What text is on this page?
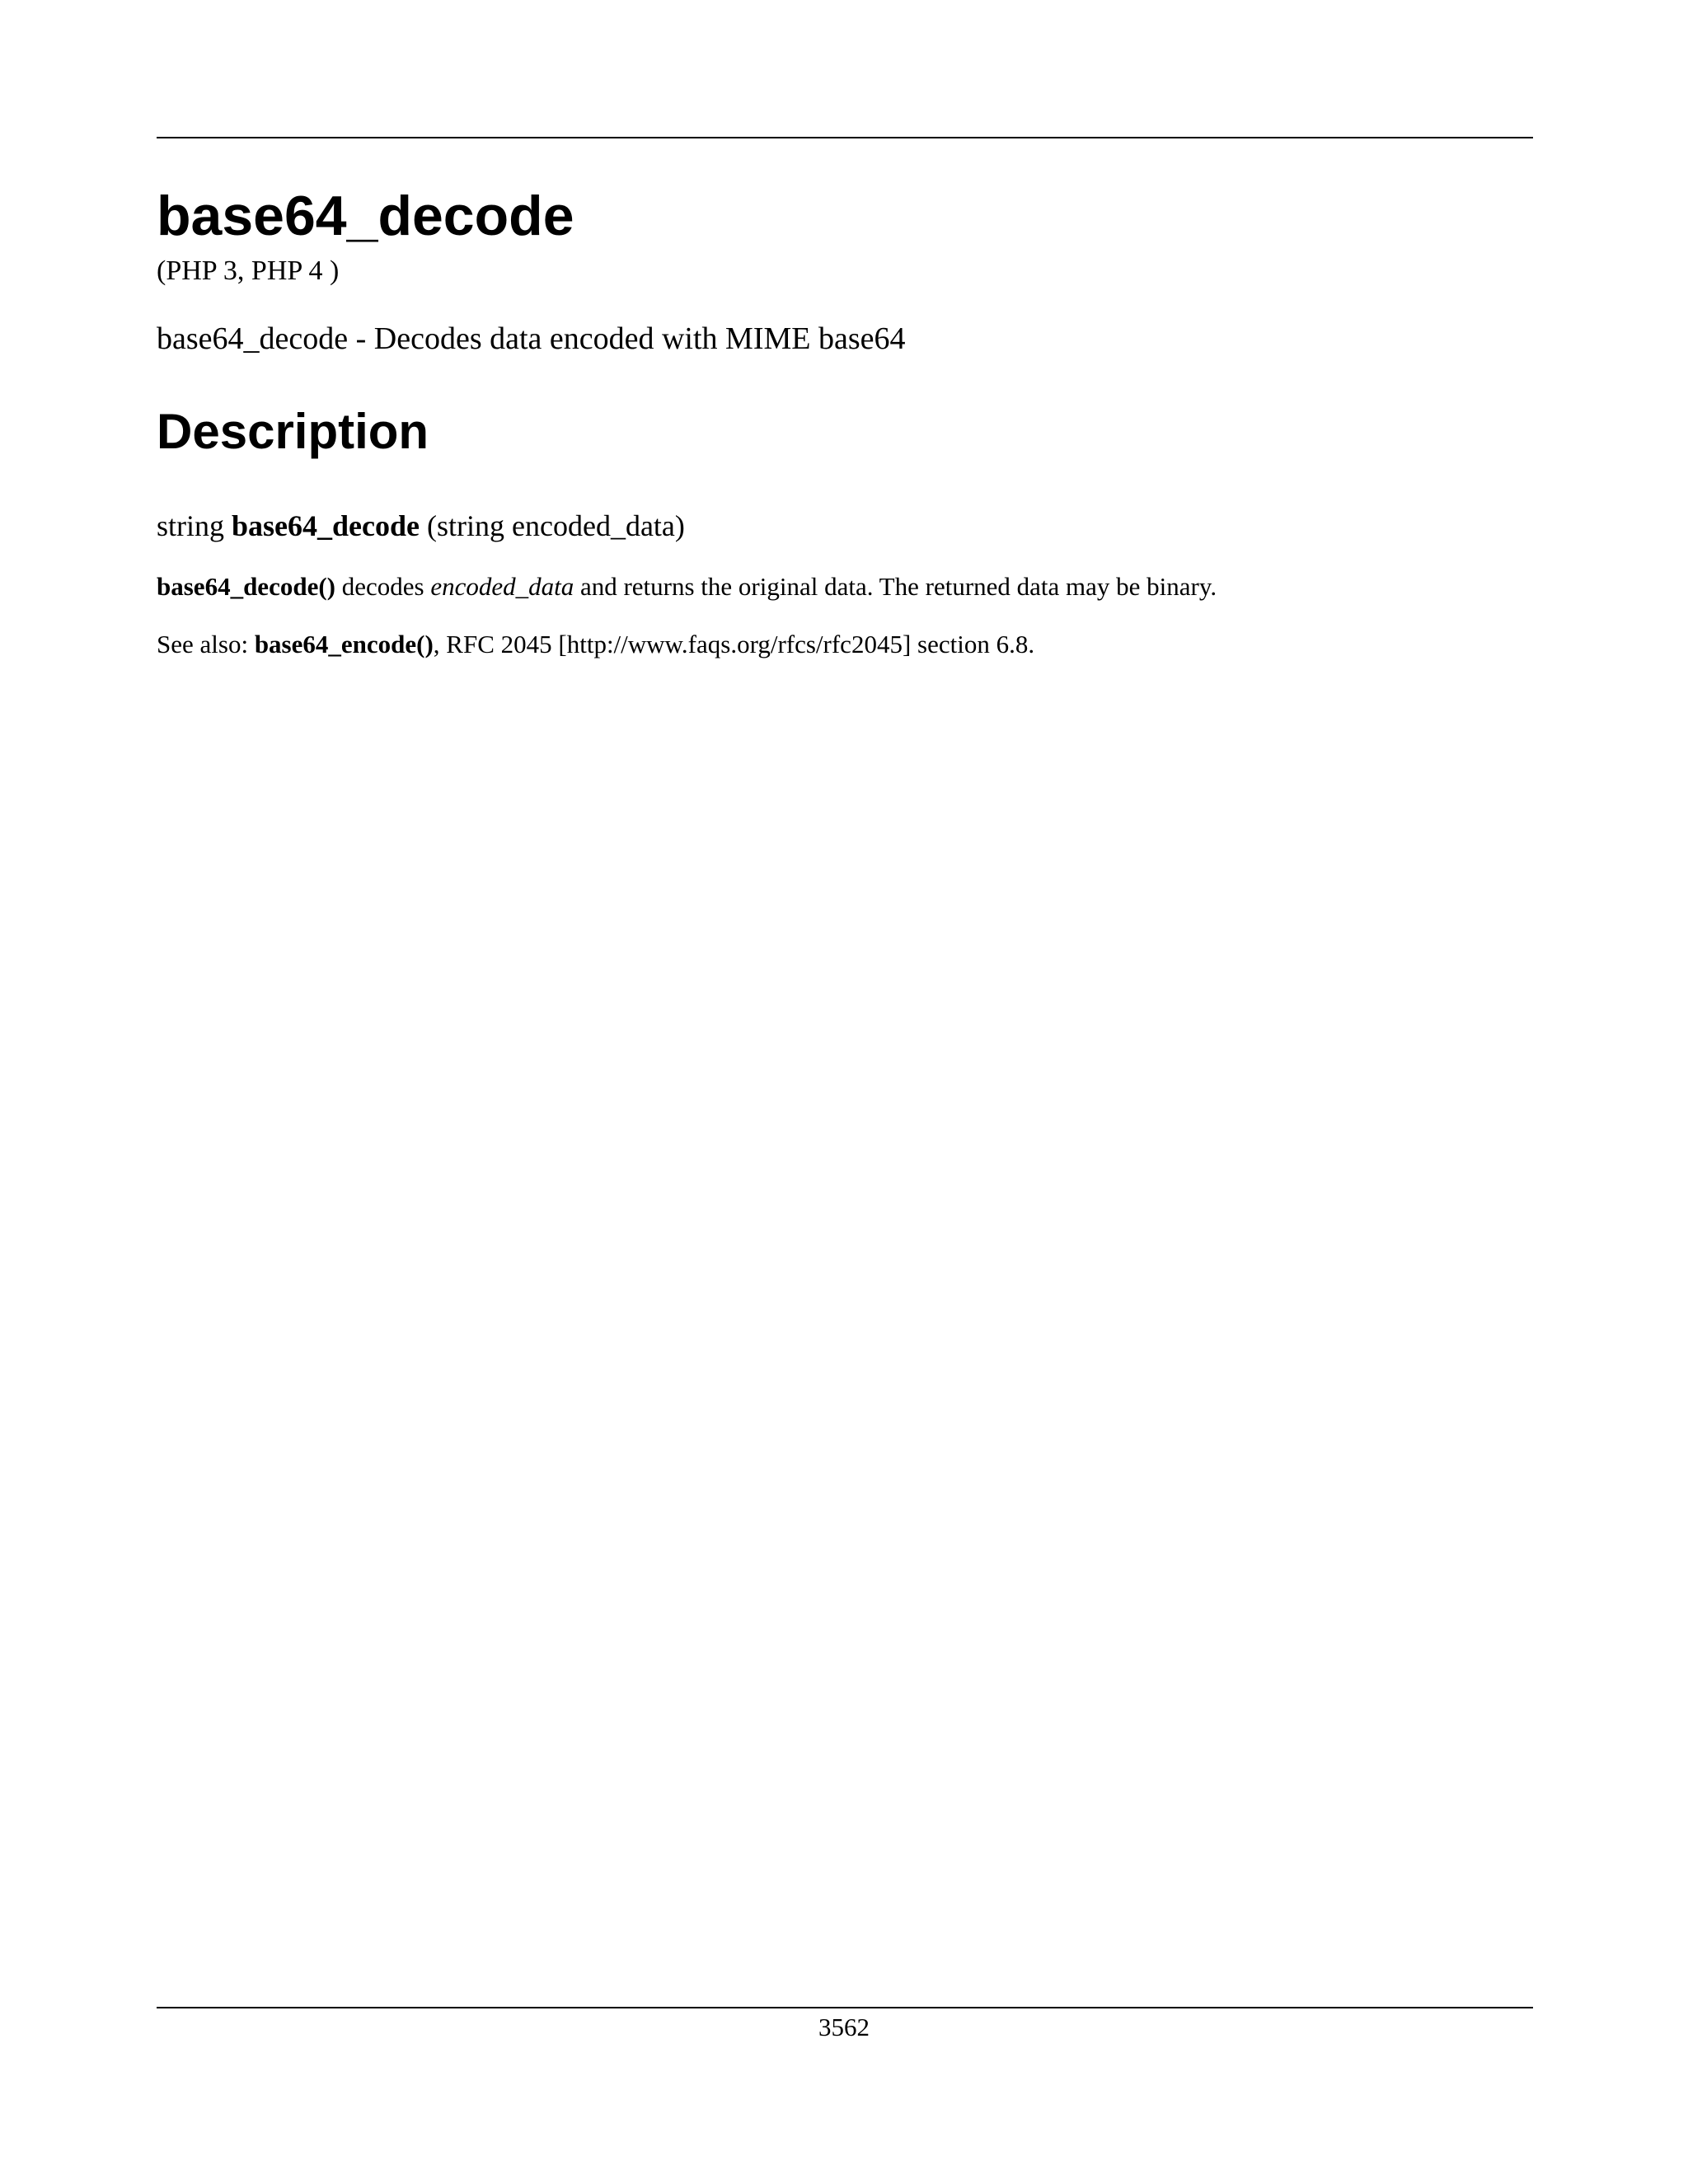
base64_decode

(PHP 3, PHP 4 )

base64_decode - Decodes data encoded with MIME base64

Description

string base64_decode (string encoded_data)

base64_decode() decodes encoded_data and returns the original data. The returned data may be binary.

See also: base64_encode(), RFC 2045 [http://www.faqs.org/rfcs/rfc2045] section 6.8.

3562
